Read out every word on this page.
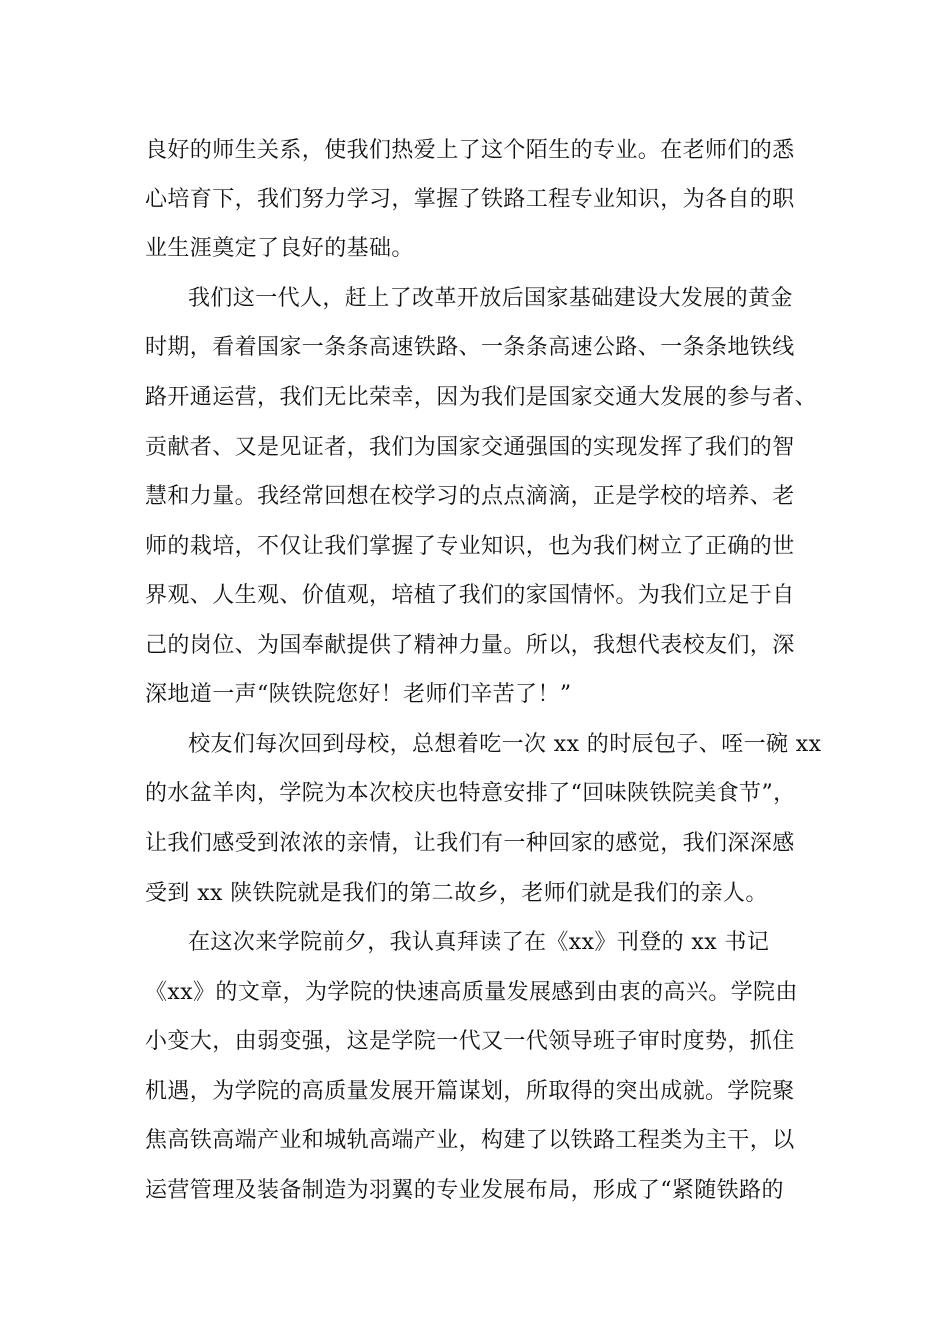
良好的师生关系，使我们热爱上了这个陌生的专业。在老师们的悉
心培育下，我们努力学习，掌握了铁路工程专业知识，为各自的职
业生涯奠定了良好的基础。
我们这一代人，赶上了改革开放后国家基础建设大发展的黄金
时期，看着国家一条条高速铁路、一条条高速公路、一条条地铁线
路开通运营，我们无比荣幸，因为我们是国家交通大发展的参与者、
贡献者、又是见证者，我们为国家交通强国的实现发挥了我们的智
慧和力量。我经常回想在校学习的点点滴滴，正是学校的培养、老
师的栽培，不仅让我们掌握了专业知识，也为我们树立了正确的世
界观、人生观、价值观，培植了我们的家国情怀。为我们立足于自
己的岗位、为国奉献提供了精神力量。所以，我想代表校友们，深
深地道一声“陕铁院您好！老师们辛苦了！”
校友们每次回到母校，总想着吃一次 xx 的时辰包子、咥一碗 xx
的水盆羊肉，学院为本次校庆也特意安排了“回味陕铁院美食节”，
让我们感受到浓浓的亲情，让我们有一种回家的感觉，我们深深感
受到 xx 陕铁院就是我们的第二故乡，老师们就是我们的亲人。
在这次来学院前夕，我认真拜读了在《xx》刊登的 xx 书记
《xx》的文章，为学院的快速高质量发展感到由衷的高兴。学院由
小变大，由弱变强，这是学院一代又一代领导班子审时度势，抓住
机遇，为学院的高质量发展开篇谋划，所取得的突出成就。学院聚
焦高铁高端产业和城轨高端产业，构建了以铁路工程类为主干，以
运营管理及装备制造为羽翼的专业发展布局，形成了“紧随铁路的
